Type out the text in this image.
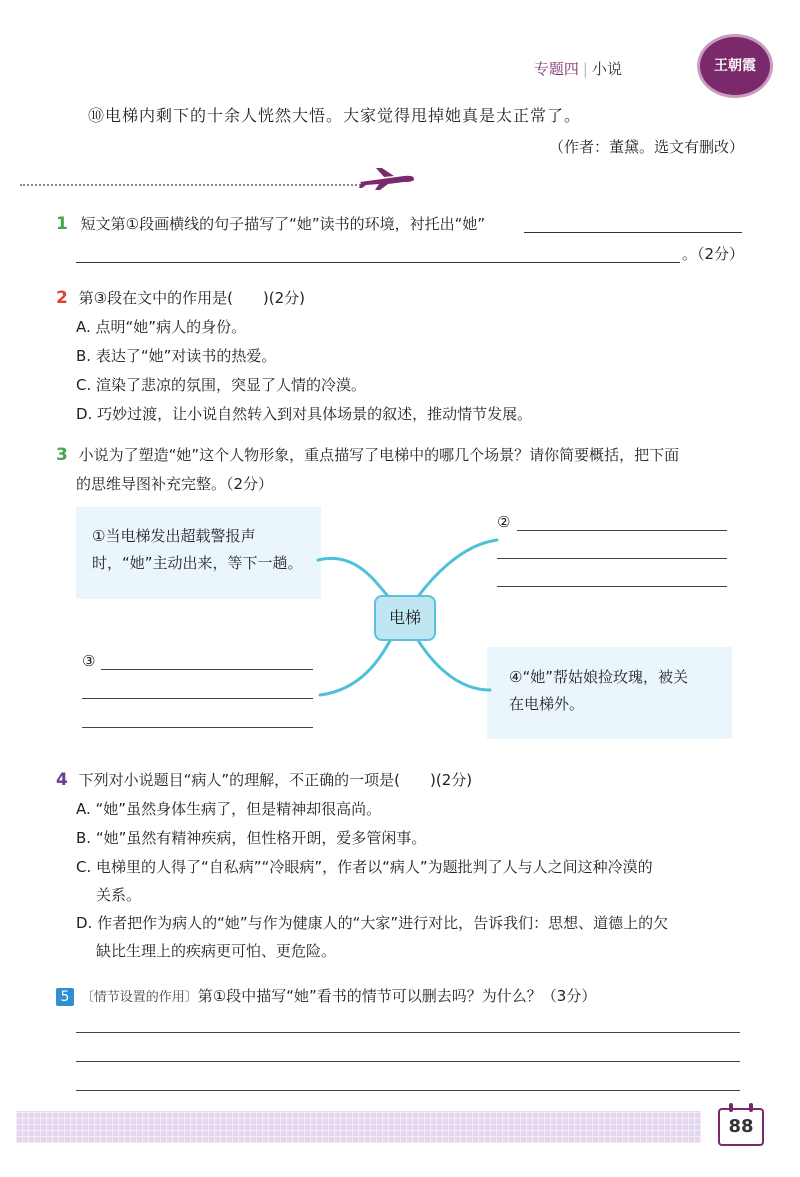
专题四 | 小说	王朝霞
⑩电梯内剩下的十余人恍然大悟。大家觉得甩掉她真是太正常了。
（作者：董黛。选文有删改）
1 短文第①段画横线的句子描写了“她”读书的环境，衬托出“她”
。（2分）
2 第③段在文中的作用是(　　)(2分)
A. 点明“她”病人的身份。
B. 表达了“她”对读书的热爱。
C. 渲染了悲凉的氛围，突显了人情的冷漠。
D. 巧妙过渡，让小说自然转入到对具体场景的叙述，推动情节发展。
3 小说为了塑造“她”这个人物形象，重点描写了电梯中的哪几个场景？请你简要概括，把下面
的思维导图补充完整。（2分）
①当电梯发出超载警报声
时，“她”主动出来，等下一趟。
④“她”帮姑娘捡玫瑰，被关
在电梯外。
电梯
②
③
4 下列对小说题目“病人”的理解，不正确的一项是(　　)(2分)
A. “她”虽然身体生病了，但是精神却很高尚。
B. “她”虽然有精神疾病，但性格开朗，爱多管闲事。
C. 电梯里的人得了“自私病”“冷眼病”，作者以“病人”为题批判了人与人之间这种冷漠的
关系。
D. 作者把作为病人的“她”与作为健康人的“大家”进行对比，告诉我们：思想、道德上的欠
缺比生理上的疾病更可怕、更危险。
5 〔情节设置的作用〕第①段中描写“她”看书的情节可以删去吗？为什么？（3分）
88
